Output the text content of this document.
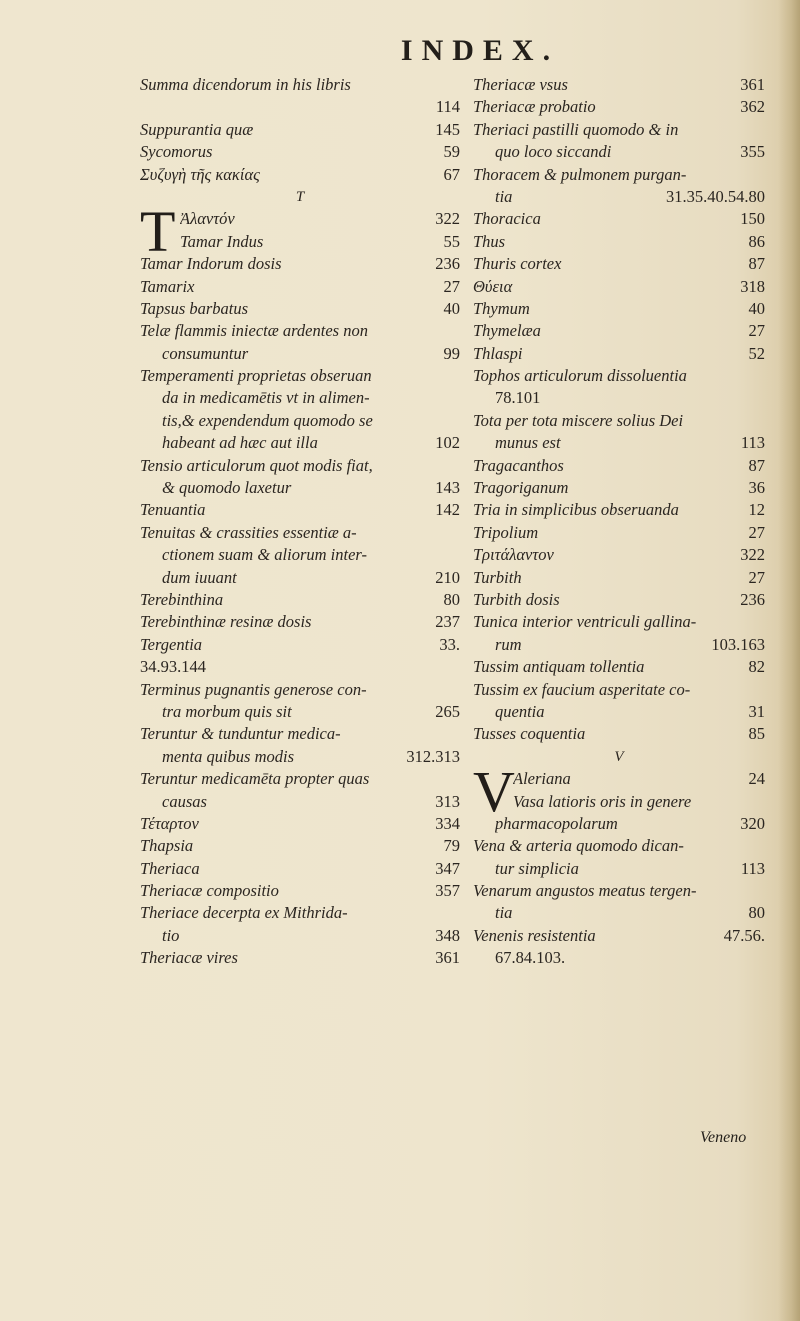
INDEX.
Summa dicendorum in his libris
114
Suppurantia quæ	145
Sycomorus	59
Συζυγὴ τῆς κακίας	67
T
T Ἀλαντόν	322
Tamar Indus	55
Tamar Indorum dosis	236
Tamarix	27
Tapsus barbatus	40
Telæ flammis iniectæ ardentes non
consumuntur	99
Temperamenti proprietas obseruan
da in medicamētis vt in alimen-
tis,& expendendum quomodo se
habeant ad hæc aut illa	102
Tensio articulorum quot modis fiat,
& quomodo laxetur	143
Tenuantia	142
Tenuitas & crassities essentiæ a-
ctionem suam & aliorum inter-
dum iuuant	210
Terebinthina	80
Terebinthinæ resinæ dosis	237
Tergentia	33.
34.93.144
Terminus pugnantis generose con-
tra morbum quis sit	265
Teruntur & tunduntur medica-
menta quibus modis	312.313
Teruntur medicamēta propter quas
causas	313
Τέταρτον	334
Thapsia	79
Theriaca	347
Theriacæ compositio	357
Theriace decerpta ex Mithrida-
tio	348
Theriacæ vires	361
Theriacæ vsus	361
Theriacæ probatio	362
Theriaci pastilli quomodo & in
quo loco siccandi	355
Thoracem & pulmonem purgan-
tia	31.35.40.54.80
Thoracica	150
Thus	86
Thuris cortex	87
Θύεια	318
Thymum	40
Thymelæa	27
Thlaspi	52
Tophos articulorum dissoluentia
78.101
Tota per tota miscere solius Dei
munus est	113
Tragacanthos	87
Tragoriganum	36
Tria in simplicibus obseruanda	12
Tripolium	27
Τριτάλαντον	322
Turbith	27
Turbith dosis	236
Tunica interior ventriculi gallina-
rum	103.163
Tussim antiquam tollentia	82
Tussim ex faucium asperitate co-
quentia	31
Tusses coquentia	85
V
V
Aleriana	24
Vasa latioris oris in genere
pharmacopolarum	320
Vena & arteria quomodo dican-
tur simplicia	113
Venarum angustos meatus tergen-
tia	80
Venenis resistentia	47.56.
67.84.103.
Veneno
